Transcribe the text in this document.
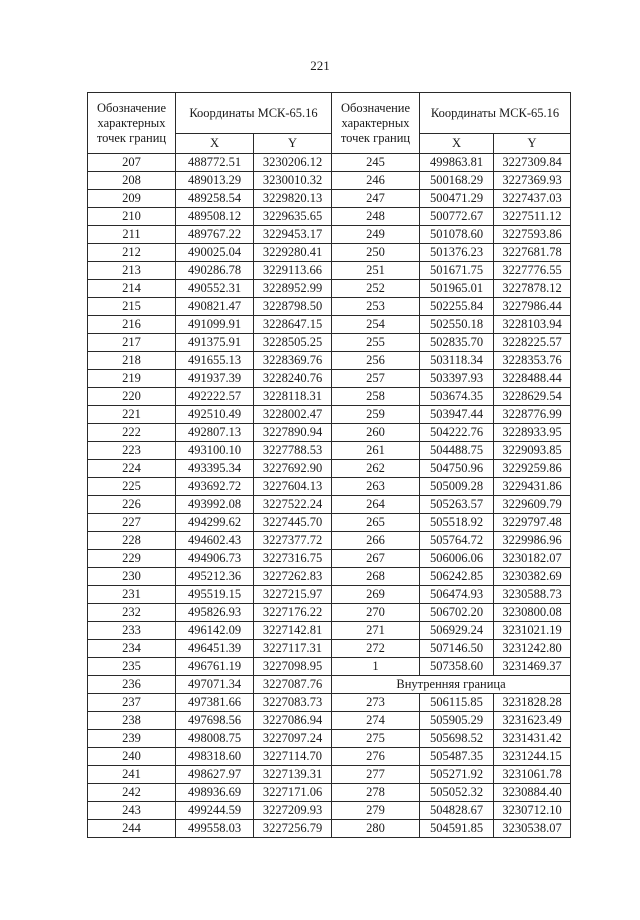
221
Обозначение характерных точек границ	Координаты МСК-65.16		Обозначение характерных точек границ	Координаты МСК-65.16	
	X	Y		X	Y
207	488772.51	3230206.12	245	499863.81	3227309.84
208	489013.29	3230010.32	246	500168.29	3227369.93
209	489258.54	3229820.13	247	500471.29	3227437.03
210	489508.12	3229635.65	248	500772.67	3227511.12
211	489767.22	3229453.17	249	501078.60	3227593.86
212	490025.04	3229280.41	250	501376.23	3227681.78
213	490286.78	3229113.66	251	501671.75	3227776.55
214	490552.31	3228952.99	252	501965.01	3227878.12
215	490821.47	3228798.50	253	502255.84	3227986.44
216	491099.91	3228647.15	254	502550.18	3228103.94
217	491375.91	3228505.25	255	502835.70	3228225.57
218	491655.13	3228369.76	256	503118.34	3228353.76
219	491937.39	3228240.76	257	503397.93	3228488.44
220	492222.57	3228118.31	258	503674.35	3228629.54
221	492510.49	3228002.47	259	503947.44	3228776.99
222	492807.13	3227890.94	260	504222.76	3228933.95
223	493100.10	3227788.53	261	504488.75	3229093.85
224	493395.34	3227692.90	262	504750.96	3229259.86
225	493692.72	3227604.13	263	505009.28	3229431.86
226	493992.08	3227522.24	264	505263.57	3229609.79
227	494299.62	3227445.70	265	505518.92	3229797.48
228	494602.43	3227377.72	266	505764.72	3229986.96
229	494906.73	3227316.75	267	506006.06	3230182.07
230	495212.36	3227262.83	268	506242.85	3230382.69
231	495519.15	3227215.97	269	506474.93	3230588.73
232	495826.93	3227176.22	270	506702.20	3230800.08
233	496142.09	3227142.81	271	506929.24	3231021.19
234	496451.39	3227117.31	272	507146.50	3231242.80
235	496761.19	3227098.95	1	507358.60	3231469.37
236	497071.34	3227087.76	Внутренняя граница		
237	497381.66	3227083.73	273	506115.85	3231828.28
238	497698.56	3227086.94	274	505905.29	3231623.49
239	498008.75	3227097.24	275	505698.52	3231431.42
240	498318.60	3227114.70	276	505487.35	3231244.15
241	498627.97	3227139.31	277	505271.92	3231061.78
242	498936.69	3227171.06	278	505052.32	3230884.40
243	499244.59	3227209.93	279	504828.67	3230712.10
244	499558.03	3227256.79	280	504591.85	3230538.07
